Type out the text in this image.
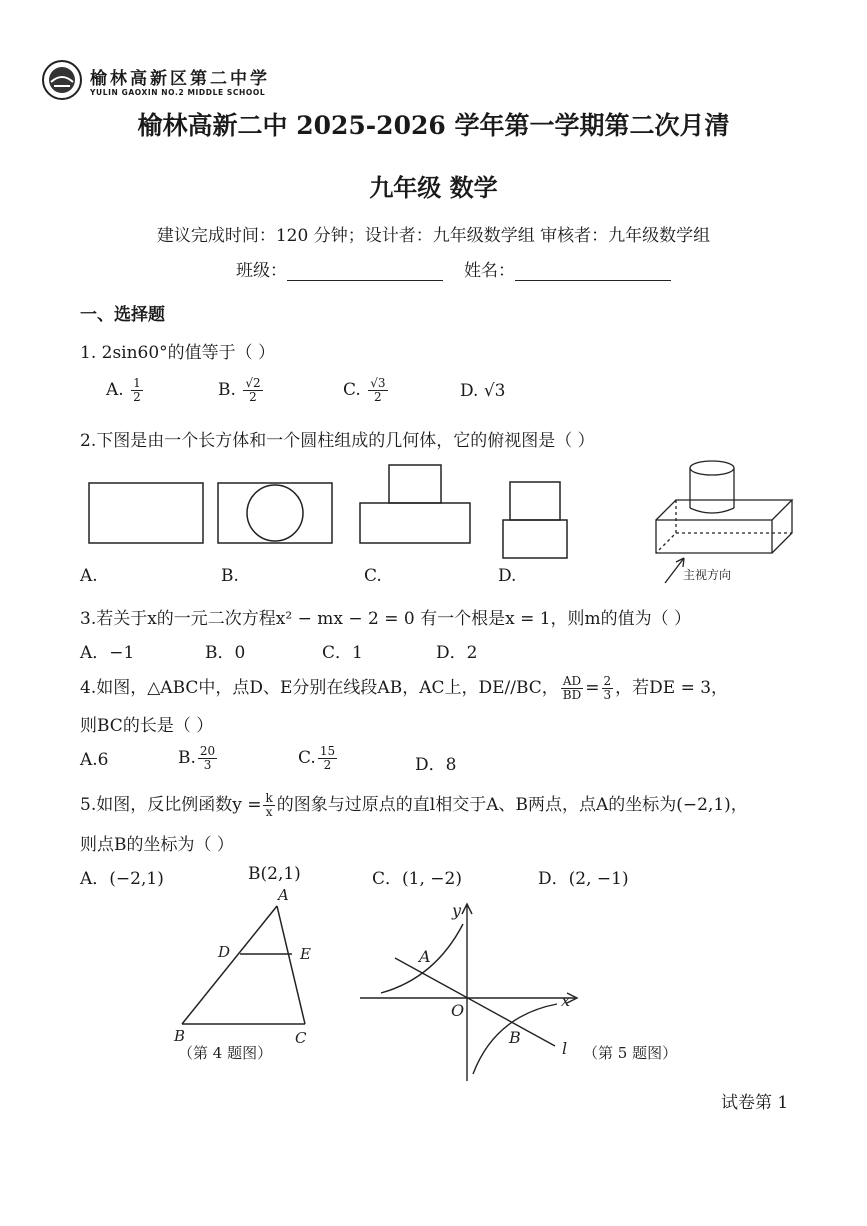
榆林高新区第二中学
YULIN GAOXIN NO.2 MIDDLE SCHOOL
榆林高新二中 2025-2026 学年第一学期第二次月清
九年级 数学
建议完成时间：120 分钟；设计者：九年级数学组 审核者：九年级数学组
班级：	姓名：
一、选择题
1. 2sin60°的值等于（ ）
A. $\frac{1}{2}$	B. $\frac{√2}{2}$	C. $\frac{√3}{2}$	D. √3
2.下图是由一个长方体和一个圆柱组成的几何体，它的俯视图是（ ）
A.	B.	C.	D.	主视方向
3.若关于x的一元二次方程x² − mx − 2 = 0 有一个根是x = 1，则m的值为（ ）
A．−1	B．0	C．1	D．2
4.如图，△ABC中，点D、E分别在线段AB，AC上，DE//BC， $\frac{AD}{BD} = \frac{2}{3}$ ，若DE = 3，
则BC的长是（ ）
A.6	B. $\frac{20}{3}$	C. $\frac{15}{2}$	D．8
5.如图，反比例函数$y = \frac{k}{x}$ 的图象与过原点的直l相交于A、B两点，点A的坐标为(−2,1)，
则点B的坐标为（ ）
A．(−2,1)	B(2,1)	C．(1, −2)	D．(2, −1)
A
D	E
B	C
（第 4 题图）
y
x
O
A
B
l （第 5 题图）
试卷第 1
